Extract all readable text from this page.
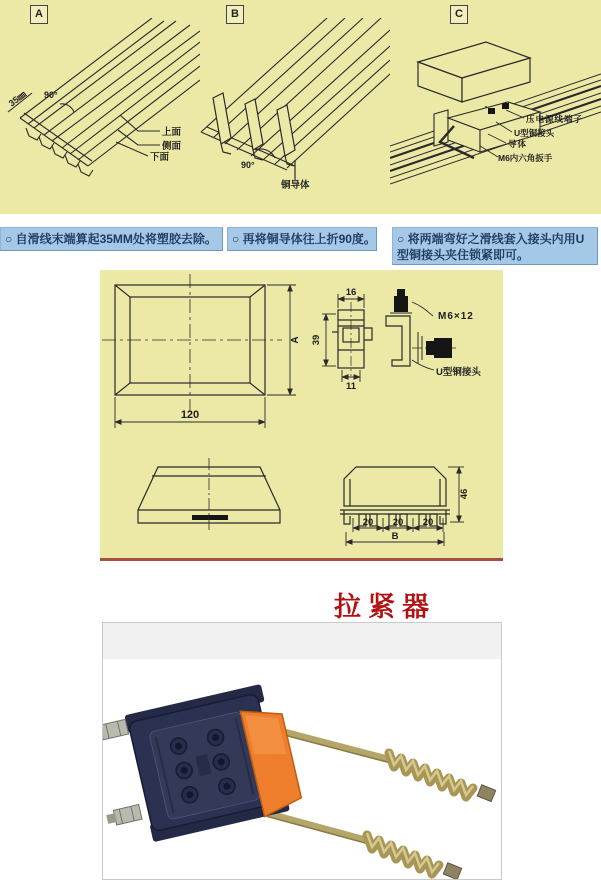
A	B	C
35㎜ 90°
上面
侧面
下面
90°
铜导体
压电源线端子
U型铜接头
导体
M6内六角扳手
○ 自滑线末端算起35MM处将塑胶去除。	○ 再将铜导体往上折90度。	○ 将两端弯好之滑线套入接头内用U型铜接头夹住锁紧即可。
120
A
16
39
11
M6×12
U型铜接头
20 20 20
B
46
拉紧器
